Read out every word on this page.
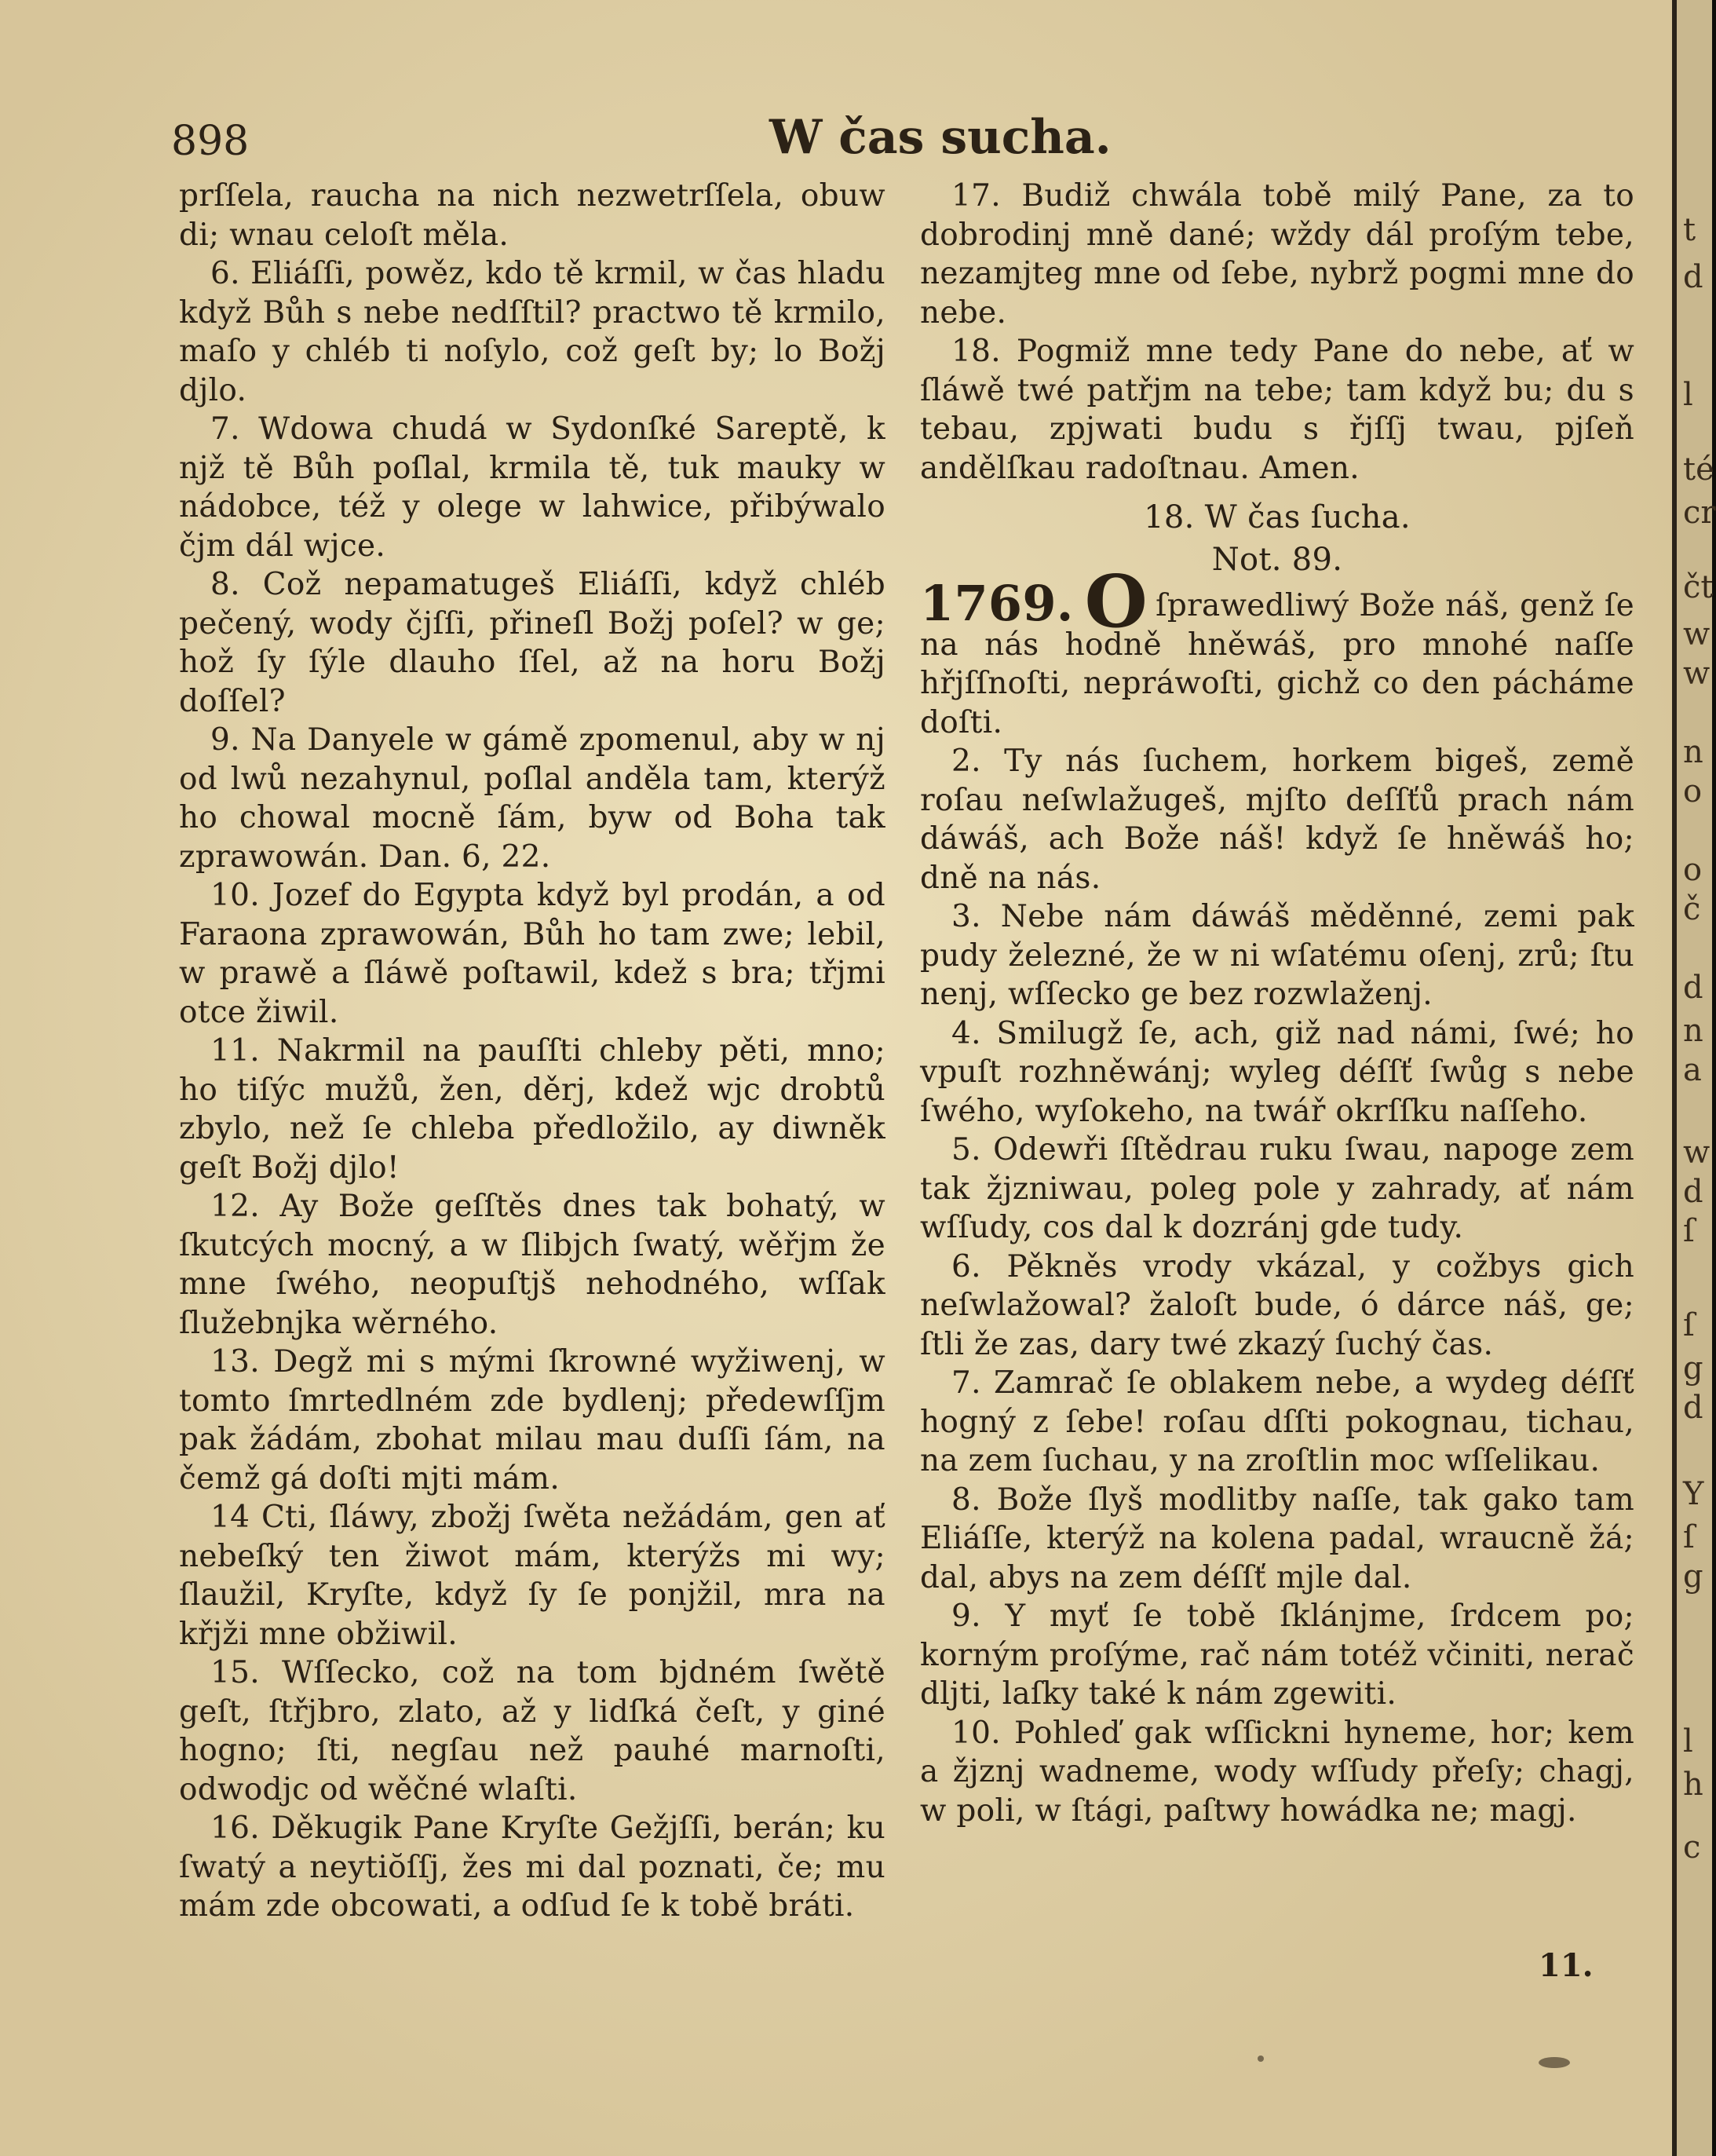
898	W čas sucha.

prſſela, raucha na nich nezwetrſſela, obuw di; wnau celoſt měla.

6. Eliáſſi, powěz, kdo tě krmil, w čas hladu když Bůh s nebe nedſſtil? practwo tě krmilo, maſo y chléb ti noſylo, což geſt by; lo Božj djlo.

7. Wdowa chudá w Sydonſké Sareptě, k njž tě Bůh poſlal, krmila tě, tuk mauky w nádobce, též y olege w lahwice, přibýwalo čjm dál wjce.

8. Což nepamatugeš Eliáſſi, když chléb pečený, wody čjſſi, přineſl Božj poſel? w ge; hož ſy ſýle dlauho ſſel, až na horu Božj doſſel?

9. Na Danyele w gámě zpomenul, aby w nj od lwů nezahynul, poſlal anděla tam, kterýž ho chowal mocně ſám, byw od Boha tak zprawowán. Dan. 6, 22.

10. Jozef do Egypta když byl prodán, a od Faraona zprawowán, Bůh ho tam zwe; lebil, w prawě a ſláwě poſtawil, kdež s bra; třjmi otce žiwil.

11. Nakrmil na pauſſti chleby pěti, mno; ho tiſýc mužů, žen, děrj, kdež wjc drobtů zbylo, než ſe chleba předložilo, ay diwněk geſt Božj djlo!

12. Ay Bože geſſtěs dnes tak bohatý, w ſkutcých mocný, a w ſlibjch ſwatý, wěřjm že mne ſwého, neopuſtjš nehodného, wſſak ſlužebnjka wěrného.

13. Degž mi s mými ſkrowné wyžiwenj, w tomto ſmrtedlném zde bydlenj; předewſſjm pak žádám, zbohat milau mau duſſi ſám, na čemž gá doſti mjti mám.

14 Cti, ſláwy, zbožj ſwěta nežádám, gen ať nebeſký ten žiwot mám, kterýžs mi wy; ſlaužil, Kryſte, když ſy ſe ponjžil, mrа na křjži mne obžiwil.

15. Wſſecko, což na tom bjdném ſwětě geſt, ſtřjbro, zlato, až y lidſká čeſt, y giné hogno; ſti, negſau než pauhé marnoſti, odwodjc od wěčné wlaſti.

16. Děkugik Pane Kryſte Gežjſſi, berán; ku ſwatý a neytiŏſſj, žes mi dal poznati, če; mu mám zde obcowati, a odſud ſe k tobě bráti.

17. Budiž chwála tobě milý Pane, za to dobrodinj mně dané; wždy dál proſým tebe, nezamjteg mne od ſebe, nybrž pogmi mne do nebe.

18. Pogmiž mne tedy Pane do nebe, ať w ſláwě twé patřjm na tebe; tam když bu; du s tebau, zpjwati budu s řjſſj twau, pjſeň andělſkau radoſtnau. Amen.

18. W čas ſucha.
Not. 89.

1769. O ſprawedliwý Bože náš, genž ſe na nás hodně hněwáš, pro mnohé naſſe hřjſſnoſti, nepráwoſti, gichž co den pácháme doſti.

2. Ty nás ſuchem, horkem bigeš, země roſau neſwlažugeš, mjſto deſſťů prach nám dáwáš, ach Bože náš! když ſe hněwáš ho; dně na nás.

3. Nebe nám dáwáš měděnné, zemi pak pudy železné, že w ni wſatému oſenj, zrů; ſtu nenj, wſſecko ge bez rozwlaženj.

4. Smilugž ſe, ach, giž nad námi, ſwé; ho vpuſt rozhněwánj; wyleg déſſť ſwůg s nebe ſwého, wyſokeho, na twář okrſſku naſſeho.

5. Odewři ſſtědrau ruku ſwau, napoge zem tak žjzniwau, poleg pole y zahrady, ať nám wſſudy, cos dal k dozránj gde tudy.

6. Pěkněs vrody vkázal, y cožbys gich neſwlažowal? žaloſt bude, ó dárce náš, ge; ſtli že zas, dary twé zkazý ſuchý čas.

7. Zamrač ſe oblakem nebe, a wydeg déſſť hogný z ſebe! roſau dſſti pokognau, tichau, na zem ſuchau, y na zroſtlin moc wſſelikau.

8. Bože ſlyš modlitby naſſe, tak gako tam Eliáſſe, kterýž na kolena padal, wraucně žá; dal, abys na zem déſſť mjle dal.

9. Y myť ſe tobě ſklánjme, ſrdcem po; korným proſýme, rač nám totéž včiniti, nerač dljti, laſky také k nám zgewiti.

10. Pohleď gak wſſickni hyneme, hor; kem a žjznj wadneme, wody wſſudy přeſy; chagj, w poli, w ſtági, paſtwy howádka ne; magj.

11.
t
d
l
té
cr
čt
w
w
n
o
o
č
d
n
a
w
d
ſ
ſ
g
d
Y
ſ
g
l
h
c
